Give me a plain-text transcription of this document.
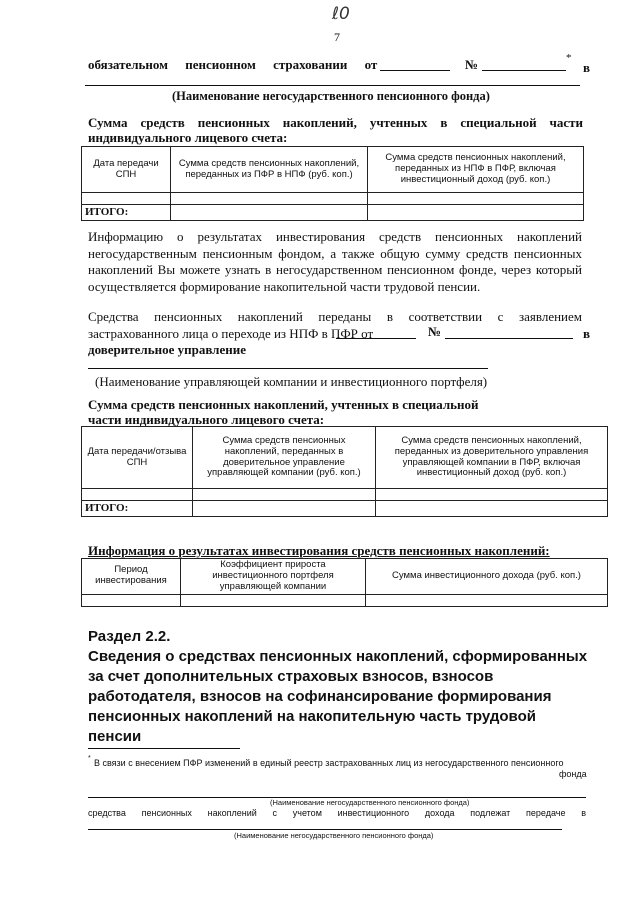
ℓ0
7
обязательном пенсионном страховании от	№	*
в
(Наименование негосударственного пенсионного фонда)
Сумма средств пенсионных накоплений, учтенных в специальной части индивидуального лицевого счета:
Дата передачи СПН	Сумма средств пенсионных накоплений, переданных из ПФР в НПФ (руб. коп.)	Сумма средств пенсионных накоплений, переданных из НПФ в ПФР, включая инвестиционный доход (руб. коп.)

ИТОГО:		
Информацию о результатах инвестирования средств пенсионных накоплений негосударственным пенсионным фондом, а также общую сумму средств пенсионных накоплений Вы можете узнать в негосударственном пенсионном фонде, через который осуществляется формирование накопительной части трудовой пенсии.
Средства пенсионных накоплений переданы в соответствии с заявлением застрахованного лица о переходе из НПФ в ПФР от	№	в
доверительное управление
(Наименование управляющей компании и инвестиционного портфеля)
Сумма средств пенсионных накоплений, учтенных в специальной части индивидуального лицевого счета:
Дата передачи/отзыва СПН	Сумма средств пенсионных накоплений, переданных в доверительное управление управляющей компании (руб. коп.)	Сумма средств пенсионных накоплений, переданных из доверительного управления управляющей компании в ПФР, включая инвестиционный доход (руб. коп.)

ИТОГО:		
Информация о результатах инвестирования средств пенсионных накоплений:
Период инвестирования	Коэффициент прироста инвестиционного портфеля управляющей компании	Сумма инвестиционного дохода (руб. коп.)

Раздел 2.2.
Сведения о средствах пенсионных накоплений, сформированных за счет дополнительных страховых взносов, взносов работодателя, взносов на софинансирование формирования пенсионных накоплений на накопительную часть трудовой пенсии
* В связи с внесением ПФР изменений в единый реестр застрахованных лиц из негосударственного пенсионного
фонда
(Наименование негосударственного пенсионного фонда)
средства пенсионных накоплений с учетом инвестиционного дохода подлежат передаче в
(Наименование негосударственного пенсионного фонда)
